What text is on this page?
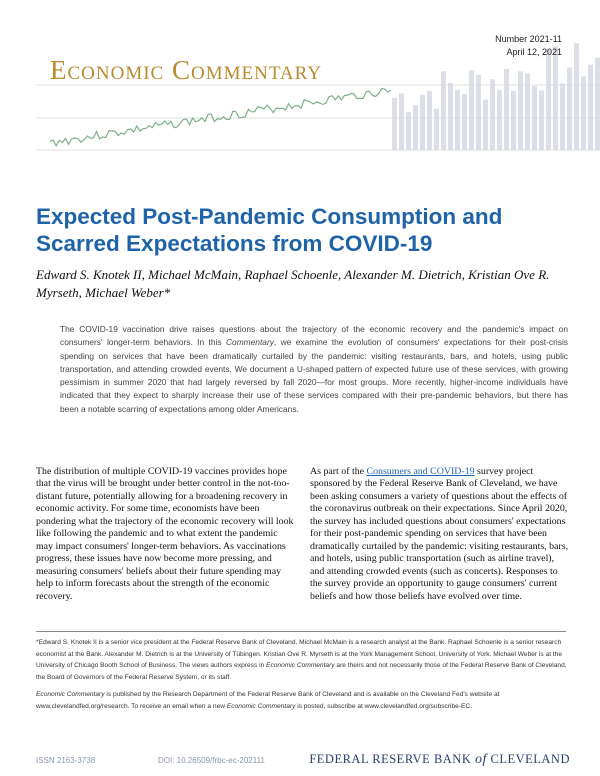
Economic Commentary
Number 2021-11
April 12, 2021
Expected Post-Pandemic Consumption and Scarred Expectations from COVID-19
Edward S. Knotek II, Michael McMain, Raphael Schoenle, Alexander M. Dietrich, Kristian Ove R. Myrseth, Michael Weber*
The COVID-19 vaccination drive raises questions about the trajectory of the economic recovery and the pandemic's impact on consumers' longer-term behaviors. In this Commentary, we examine the evolution of consumers' expectations for their post-crisis spending on services that have been dramatically curtailed by the pandemic: visiting restaurants, bars, and hotels, using public transportation, and attending crowded events. We document a U-shaped pattern of expected future use of these services, with growing pessimism in summer 2020 that had largely reversed by fall 2020—for most groups. More recently, higher-income individuals have indicated that they expect to sharply increase their use of these services compared with their pre-pandemic behaviors, but there has been a notable scarring of expectations among older Americans.
The distribution of multiple COVID-19 vaccines provides hope that the virus will be brought under better control in the not-too-distant future, potentially allowing for a broadening recovery in economic activity. For some time, economists have been pondering what the trajectory of the economic recovery will look like following the pandemic and to what extent the pandemic may impact consumers' longer-term behaviors. As vaccinations progress, these issues have now become more pressing, and measuring consumers' beliefs about their future spending may help to inform forecasts about the strength of the economic recovery.
As part of the Consumers and COVID-19 survey project sponsored by the Federal Reserve Bank of Cleveland, we have been asking consumers a variety of questions about the effects of the coronavirus outbreak on their expectations. Since April 2020, the survey has included questions about consumers' expectations for their post-pandemic spending on services that have been dramatically curtailed by the pandemic: visiting restaurants, bars, and hotels, using public transportation (such as airline travel), and attending crowded events (such as concerts). Responses to the survey provide an opportunity to gauge consumers' current beliefs and how those beliefs have evolved over time.
*Edward S. Knotek II is a senior vice president at the Federal Reserve Bank of Cleveland. Michael McMain is a research analyst at the Bank. Raphael Schoenle is a senior research economist at the Bank. Alexander M. Dietrich is at the University of Tübingen. Kristian Ove R. Myrseth is at the York Management School, University of York. Michael Weber is at the University of Chicago Booth School of Business. The views authors express in Economic Commentary are theirs and not necessarily those of the Federal Reserve Bank of Cleveland, the Board of Governors of the Federal Reserve System, or its staff.
Economic Commentary is published by the Research Department of the Federal Reserve Bank of Cleveland and is available on the Cleveland Fed's website at www.clevelandfed.org/research. To receive an email when a new Economic Commentary is posted, subscribe at www.clevelandfed.org/subscribe-EC.
ISSN 2163-3738	DOI: 10.26509/frbc-ec-202111	FEDERAL RESERVE BANK of CLEVELAND
